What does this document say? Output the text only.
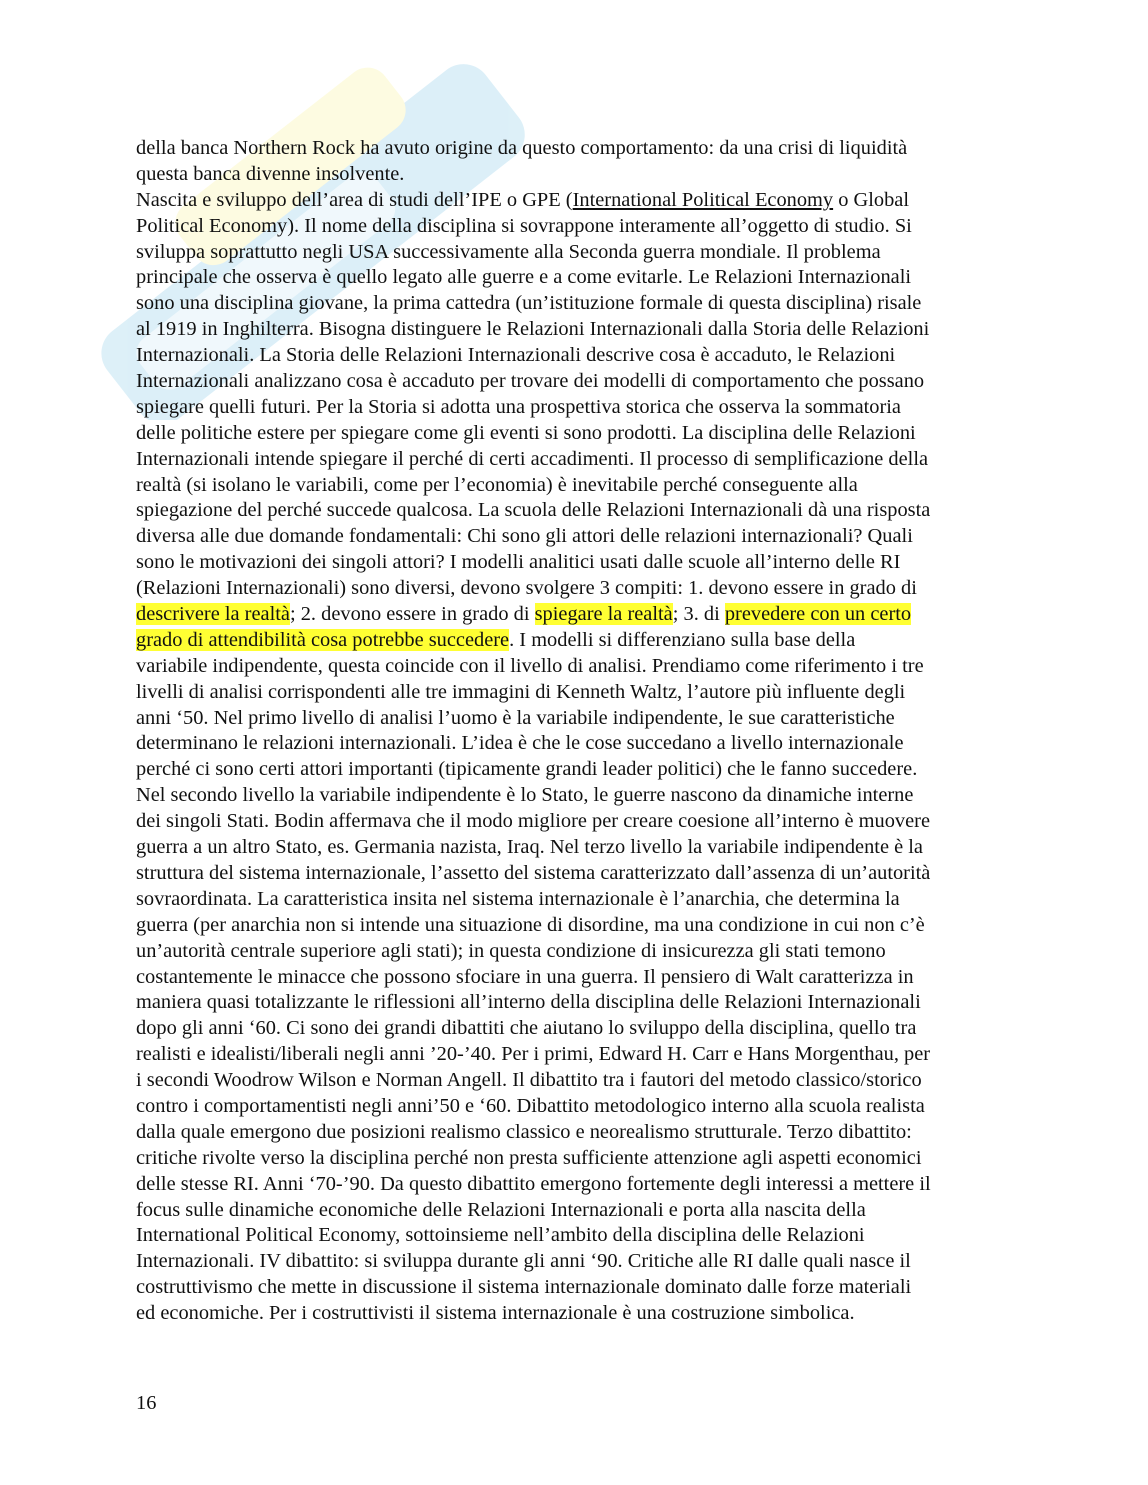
della banca Northern Rock ha avuto origine da questo comportamento: da una crisi di liquidità
questa banca divenne insolvente.
Nascita e sviluppo dell’area di studi dell’IPE o GPE (International Political Economy o Global
Political Economy). Il nome della disciplina si sovrappone interamente all’oggetto di studio. Si
sviluppa soprattutto negli USA successivamente alla Seconda guerra mondiale. Il problema
principale che osserva è quello legato alle guerre e a come evitarle. Le Relazioni Internazionali
sono una disciplina giovane, la prima cattedra (un’istituzione formale di questa disciplina) risale
al 1919 in Inghilterra. Bisogna distinguere le Relazioni Internazionali dalla Storia delle Relazioni
Internazionali. La Storia delle Relazioni Internazionali descrive cosa è accaduto, le Relazioni
Internazionali analizzano cosa è accaduto per trovare dei modelli di comportamento che possano
spiegare quelli futuri. Per la Storia si adotta una prospettiva storica che osserva la sommatoria
delle politiche estere per spiegare come gli eventi si sono prodotti. La disciplina delle Relazioni
Internazionali intende spiegare il perché di certi accadimenti. Il processo di semplificazione della
realtà (si isolano le variabili, come per l’economia) è inevitabile perché conseguente alla
spiegazione del perché succede qualcosa. La scuola delle Relazioni Internazionali dà una risposta
diversa alle due domande fondamentali: Chi sono gli attori delle relazioni internazionali? Quali
sono le motivazioni dei singoli attori? I modelli analitici usati dalle scuole all’interno delle RI
(Relazioni Internazionali) sono diversi, devono svolgere 3 compiti: 1. devono essere in grado di
descrivere la realtà; 2. devono essere in grado di spiegare la realtà; 3. di prevedere con un certo
grado di attendibilità cosa potrebbe succedere. I modelli si differenziano sulla base della
variabile indipendente, questa coincide con il livello di analisi. Prendiamo come riferimento i tre
livelli di analisi corrispondenti alle tre immagini di Kenneth Waltz, l’autore più influente degli
anni ‘50. Nel primo livello di analisi l’uomo è la variabile indipendente, le sue caratteristiche
determinano le relazioni internazionali. L’idea è che le cose succedano a livello internazionale
perché ci sono certi attori importanti (tipicamente grandi leader politici) che le fanno succedere.
Nel secondo livello la variabile indipendente è lo Stato, le guerre nascono da dinamiche interne
dei singoli Stati. Bodin affermava che il modo migliore per creare coesione all’interno è muovere
guerra a un altro Stato, es. Germania nazista, Iraq. Nel terzo livello la variabile indipendente è la
struttura del sistema internazionale, l’assetto del sistema caratterizzato dall’assenza di un’autorità
sovraordinata. La caratteristica insita nel sistema internazionale è l’anarchia, che determina la
guerra (per anarchia non si intende una situazione di disordine, ma una condizione in cui non c’è
un’autorità centrale superiore agli stati); in questa condizione di insicurezza gli stati temono
costantemente le minacce che possono sfociare in una guerra. Il pensiero di Walt caratterizza in
maniera quasi totalizzante le riflessioni all’interno della disciplina delle Relazioni Internazionali
dopo gli anni ‘60. Ci sono dei grandi dibattiti che aiutano lo sviluppo della disciplina, quello tra
realisti e idealisti/liberali negli anni ’20-’40. Per i primi, Edward H. Carr e Hans Morgenthau, per
i secondi Woodrow Wilson e Norman Angell. Il dibattito tra i fautori del metodo classico/storico
contro i comportamentisti negli anni’50 e ‘60. Dibattito metodologico interno alla scuola realista
dalla quale emergono due posizioni realismo classico e neorealismo strutturale. Terzo dibattito:
critiche rivolte verso la disciplina perché non presta sufficiente attenzione agli aspetti economici
delle stesse RI. Anni ‘70-’90. Da questo dibattito emergono fortemente degli interessi a mettere il
focus sulle dinamiche economiche delle Relazioni Internazionali e porta alla nascita della
International Political Economy, sottoinsieme nell’ambito della disciplina delle Relazioni
Internazionali. IV dibattito: si sviluppa durante gli anni ‘90. Critiche alle RI dalle quali nasce il
costruttivismo che mette in discussione il sistema internazionale dominato dalle forze materiali
ed economiche. Per i costruttivisti il sistema internazionale è una costruzione simbolica.
16
